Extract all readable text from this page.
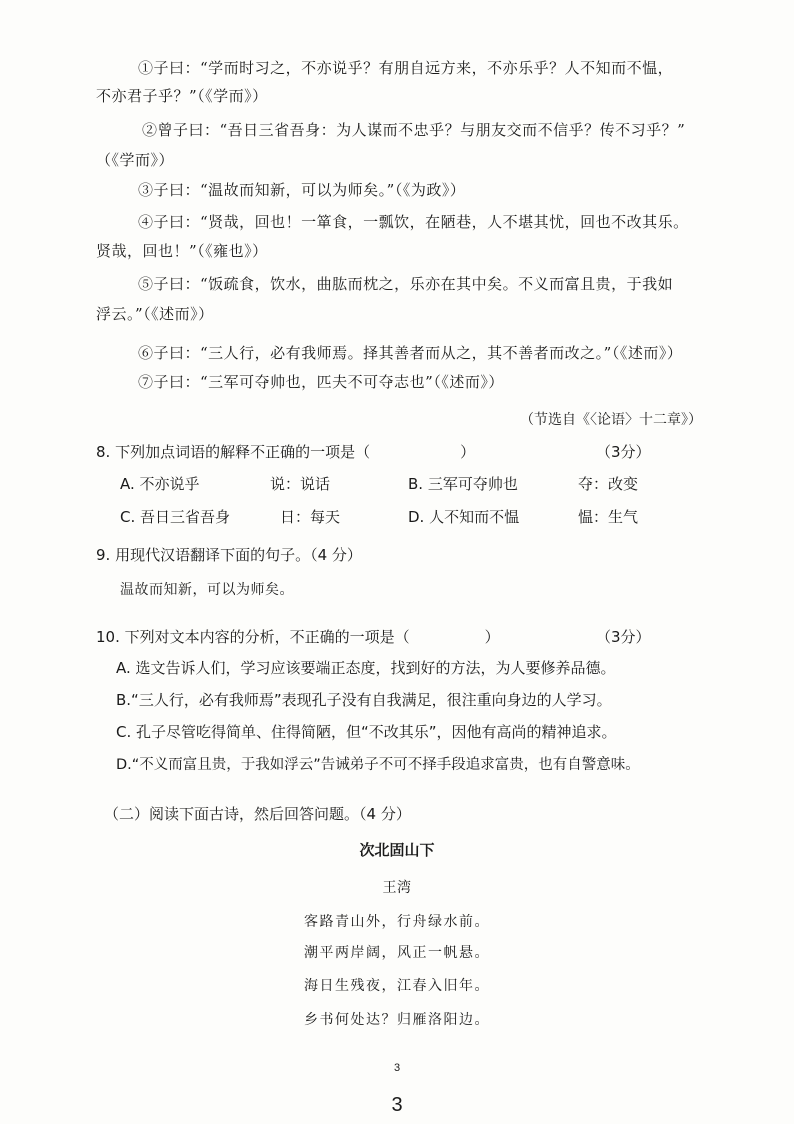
①子曰：“学而时习之，不亦说乎？有朋自远方来，不亦乐乎？人不知而不愠，
不亦君子乎？”（《学而》）
②曾子曰：“吾日三省吾身：为人谋而不忠乎？与朋友交而不信乎？传不习乎？”
（《学而》）
③子曰：“温故而知新，可以为师矣。”（《为政》）
④子曰：“贤哉，回也！一箪食，一瓢饮，在陋巷，人不堪其忧，回也不改其乐。
贤哉，回也！”（《雍也》）
⑤子曰：“饭疏食，饮水，曲肱而枕之，乐亦在其中矣。不义而富且贵，于我如
浮云。”（《述而》）
⑥子曰：“三人行，必有我师焉。择其善者而从之，其不善者而改之。”（《述而》）
⑦子曰：“三军可夺帅也，匹夫不可夺志也”（《述而》）
（节选自《〈论语〉十二章》）
8. 下列加点词语的解释不正确的一项是（　　　　　　）	（3分）
A. 不亦说乎	说：说话	B. 三军可夺帅也	夺：改变
C. 吾日三省吾身	日：每天	D. 人不知而不愠	愠：生气
9. 用现代汉语翻译下面的句子。（4 分）
温故而知新，可以为师矣。
10. 下列对文本内容的分析，不正确的一项是（　　　　　）	（3分）
A. 选文告诉人们，学习应该要端正态度，找到好的方法，为人要修养品德。
B.“三人行，必有我师焉”表现孔子没有自我满足，很注重向身边的人学习。
C. 孔子尽管吃得简单、住得简陋，但“不改其乐”，因他有高尚的精神追求。
D.“不义而富且贵，于我如浮云”告诫弟子不可不择手段追求富贵，也有自警意味。
（二）阅读下面古诗，然后回答问题。（4 分）
次北固山下
王湾
客路青山外，行舟绿水前。
潮平两岸阔，风正一帆悬。
海日生残夜，江春入旧年。
乡书何处达？归雁洛阳边。
3
3
